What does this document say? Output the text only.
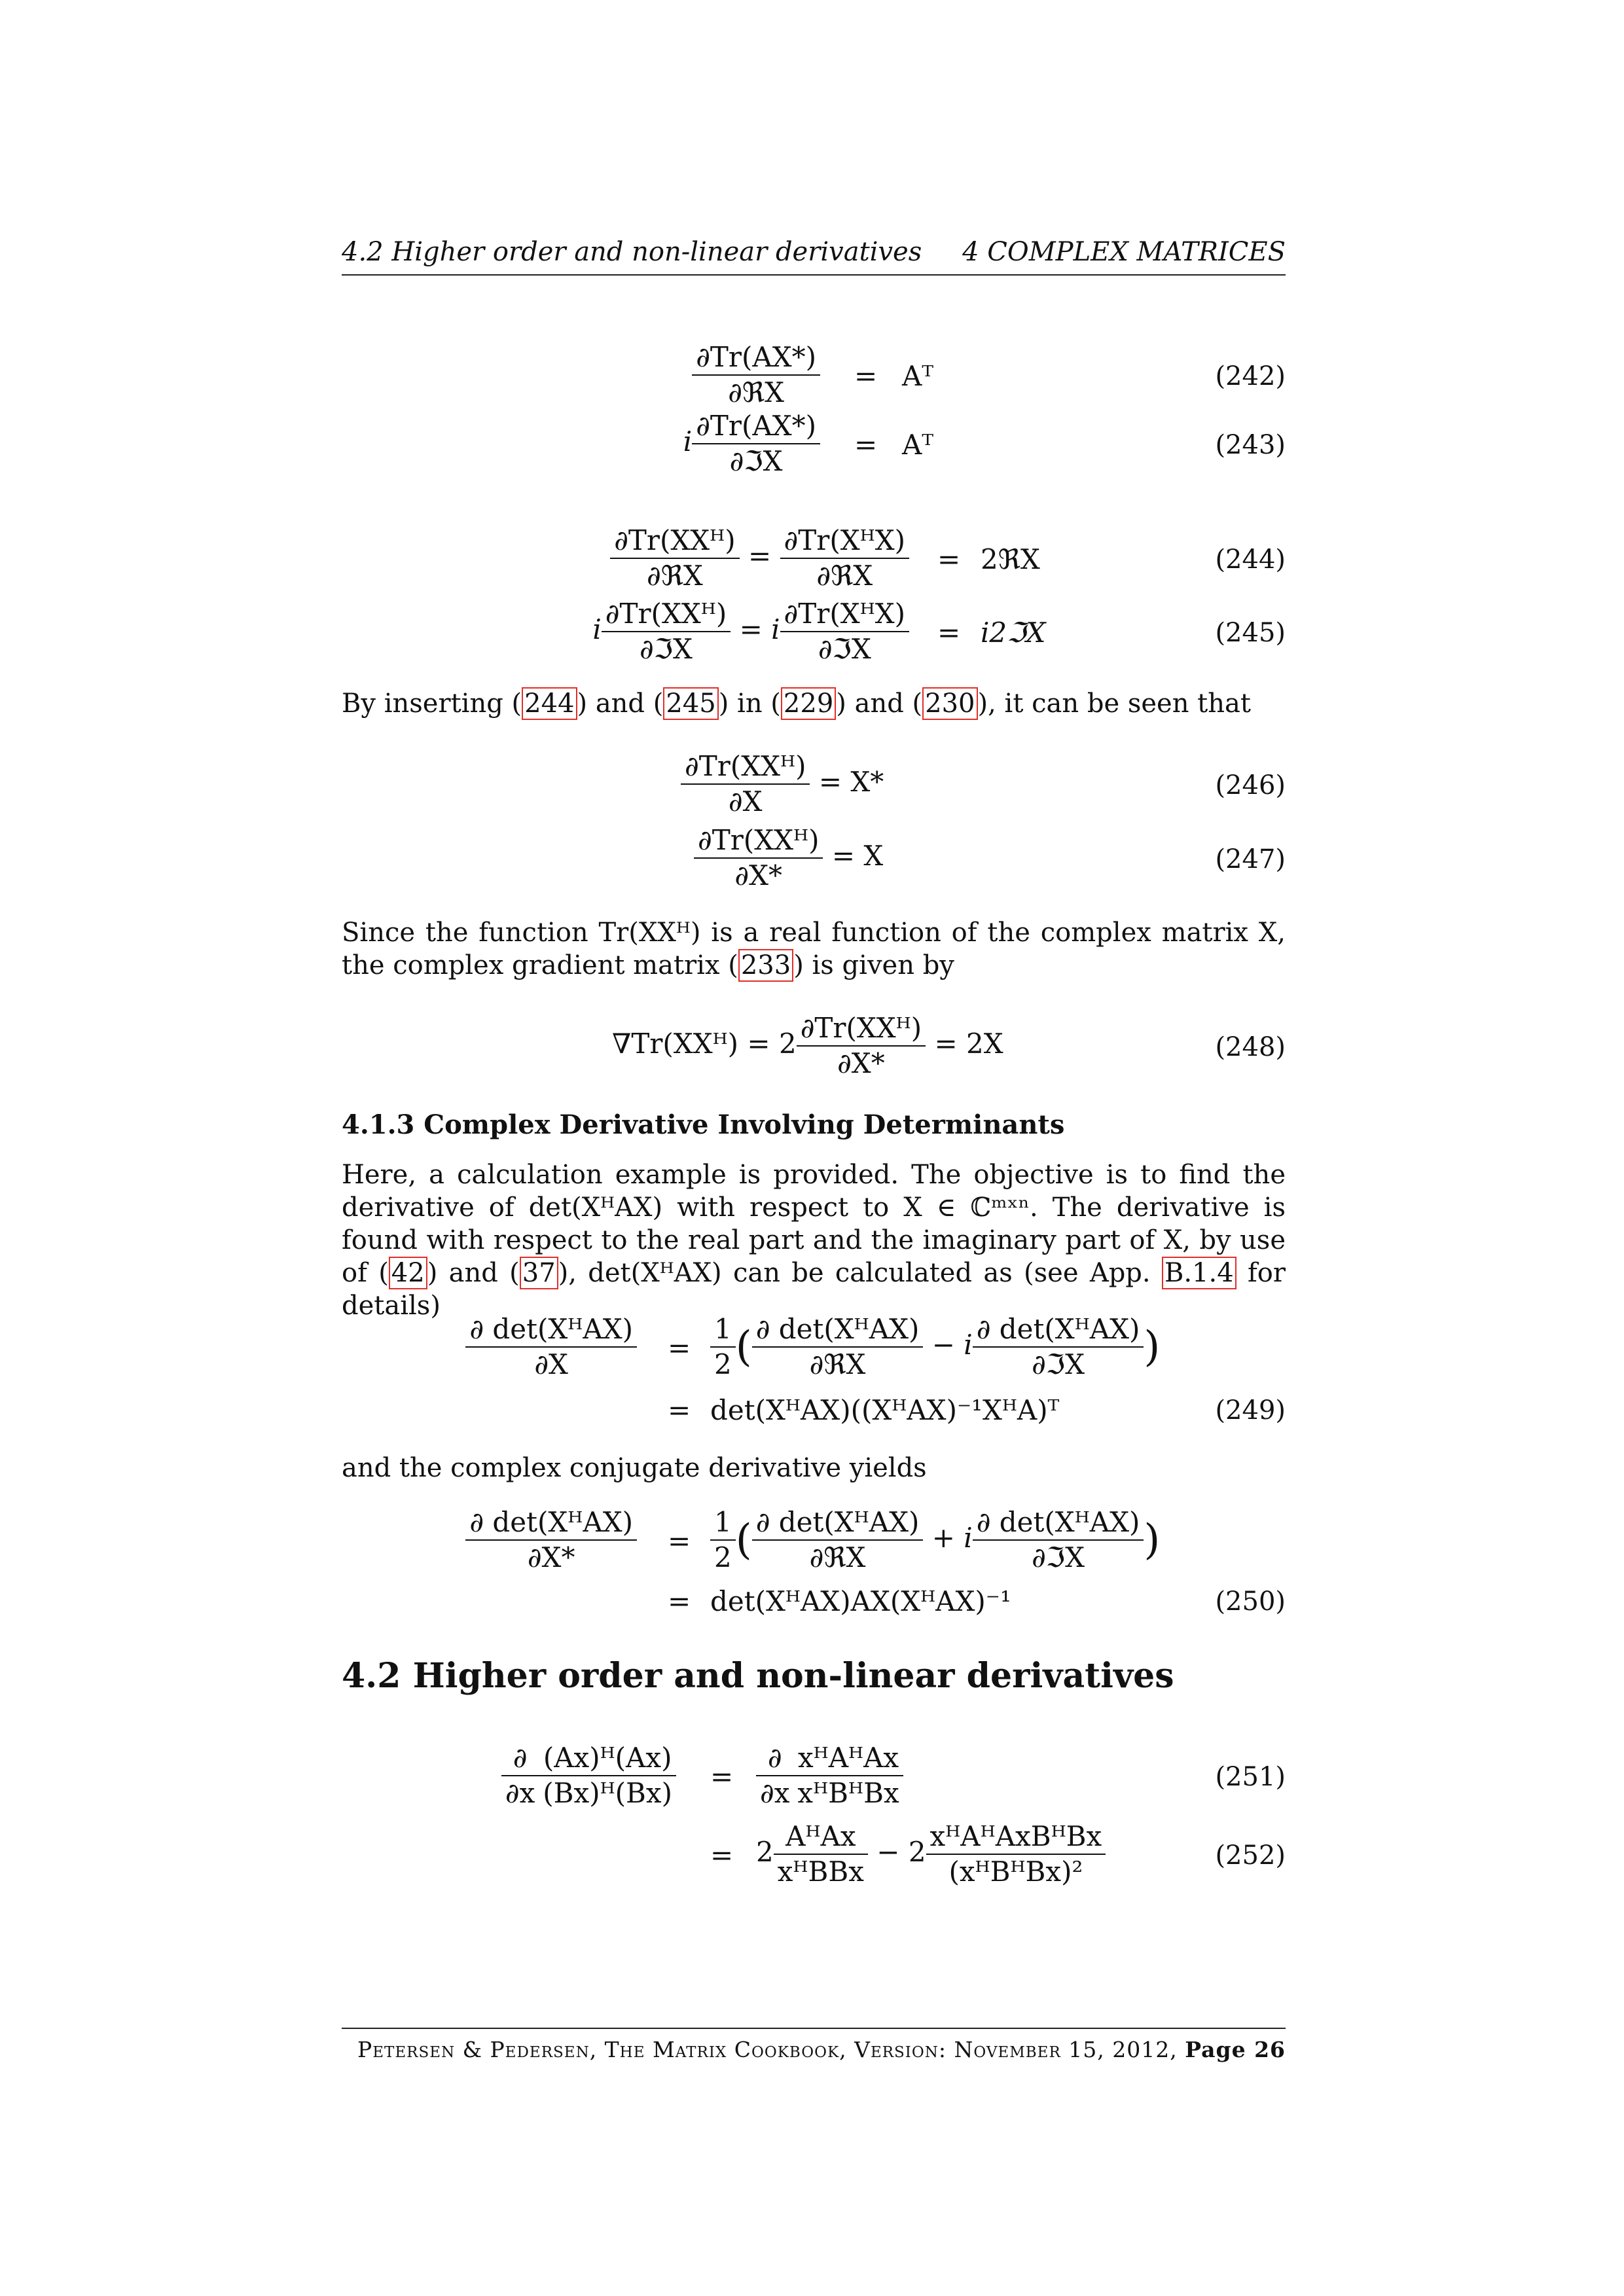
4.2 Higher order and non-linear derivatives 4 COMPLEX MATRICES
$\frac{\partial Tr(AX*)}{\text{∂ℜX}}$ = Aᵀ	(242)
i $\frac{\partial Tr(AX*)}{\text{∂ℑX}}$ = Aᵀ	(243)
$\frac{\text{∂Tr(XXᴴ)}}{\text{∂ℜX}} = \frac{\text{∂Tr(XᴴX)}}{\text{∂ℜX}}$ = 2ℜX	(244)
i $\frac{\text{∂Tr(XXᴴ)}}{\text{∂ℑX}} = i \frac{\text{∂Tr(XᴴX)}}{\text{∂ℑX}}$ = i2ℑX	(245)
By inserting ( 244 ) and ( 245 ) in ( 229 ) and ( 230 ), it can be seen that
$\frac{\text{∂Tr(XXᴴ)}}{\partial X} = X*$	(246)
$\frac{\text{∂Tr(XXᴴ)}}{\partial X*} = X$	(247)
Since the function Tr(XXᴴ) is a real function of the complex matrix X, the complex gradient matrix ( 233 ) is given by
∇Tr(XXᴴ) = $2 \frac{\text{∂Tr(XXᴴ)}}{\partial X*} = 2X$	(248)
4.1.3 Complex Derivative Involving Determinants
Here, a calculation example is provided. The objective is to find the derivative of det(XᴴAX) with respect to X ∈ ℂᵐˣⁿ. The derivative is found with respect to the real part and the imaginary part of X, by use of ( 42 ) and ( 37 ), det(XᴴAX) can be calculated as (see App. B.1.4 for details)
$\frac{\text{∂ det(XᴴAX)}}{\partial X} = \frac{1}{2}$ ( $\frac{\text{∂ det(XᴴAX)}}{\text{∂ℜX}} - i \frac{\text{∂ det(XᴴAX)}}{\text{∂ℑX}}$ )
= det(XᴴAX)((XᴴAX)⁻¹XᴴA)ᵀ	(249)
and the complex conjugate derivative yields
$\frac{\text{∂ det(XᴴAX)}}{\partial X*} = \frac{1}{2}$ ( $\frac{\text{∂ det(XᴴAX)}}{\text{∂ℜX}} + i \frac{\text{∂ det(XᴴAX)}}{\text{∂ℑX}}$ )
= det(XᴴAX)AX(XᴴAX)⁻¹	(250)
4.2 Higher order and non-linear derivatives
$\frac{\partial}{\partial x} \frac{\text{(Ax)ᴴ(Ax)}}{\text{(Bx)ᴴ(Bx)}} = \frac{\partial}{\partial x} \frac{\text{xᴴAᴴAx}}{\text{xᴴBᴴBx}}$	(251)
= $2 \frac{\text{AᴴAx}}{\text{xᴴBBx}} - 2 \frac{\text{xᴴAᴴAxBᴴBx}}{\text{(xᴴBᴴBx)²}}$	(252)
Petersen & Pedersen, The Matrix Cookbook, Version: November 15, 2012, Page 26
